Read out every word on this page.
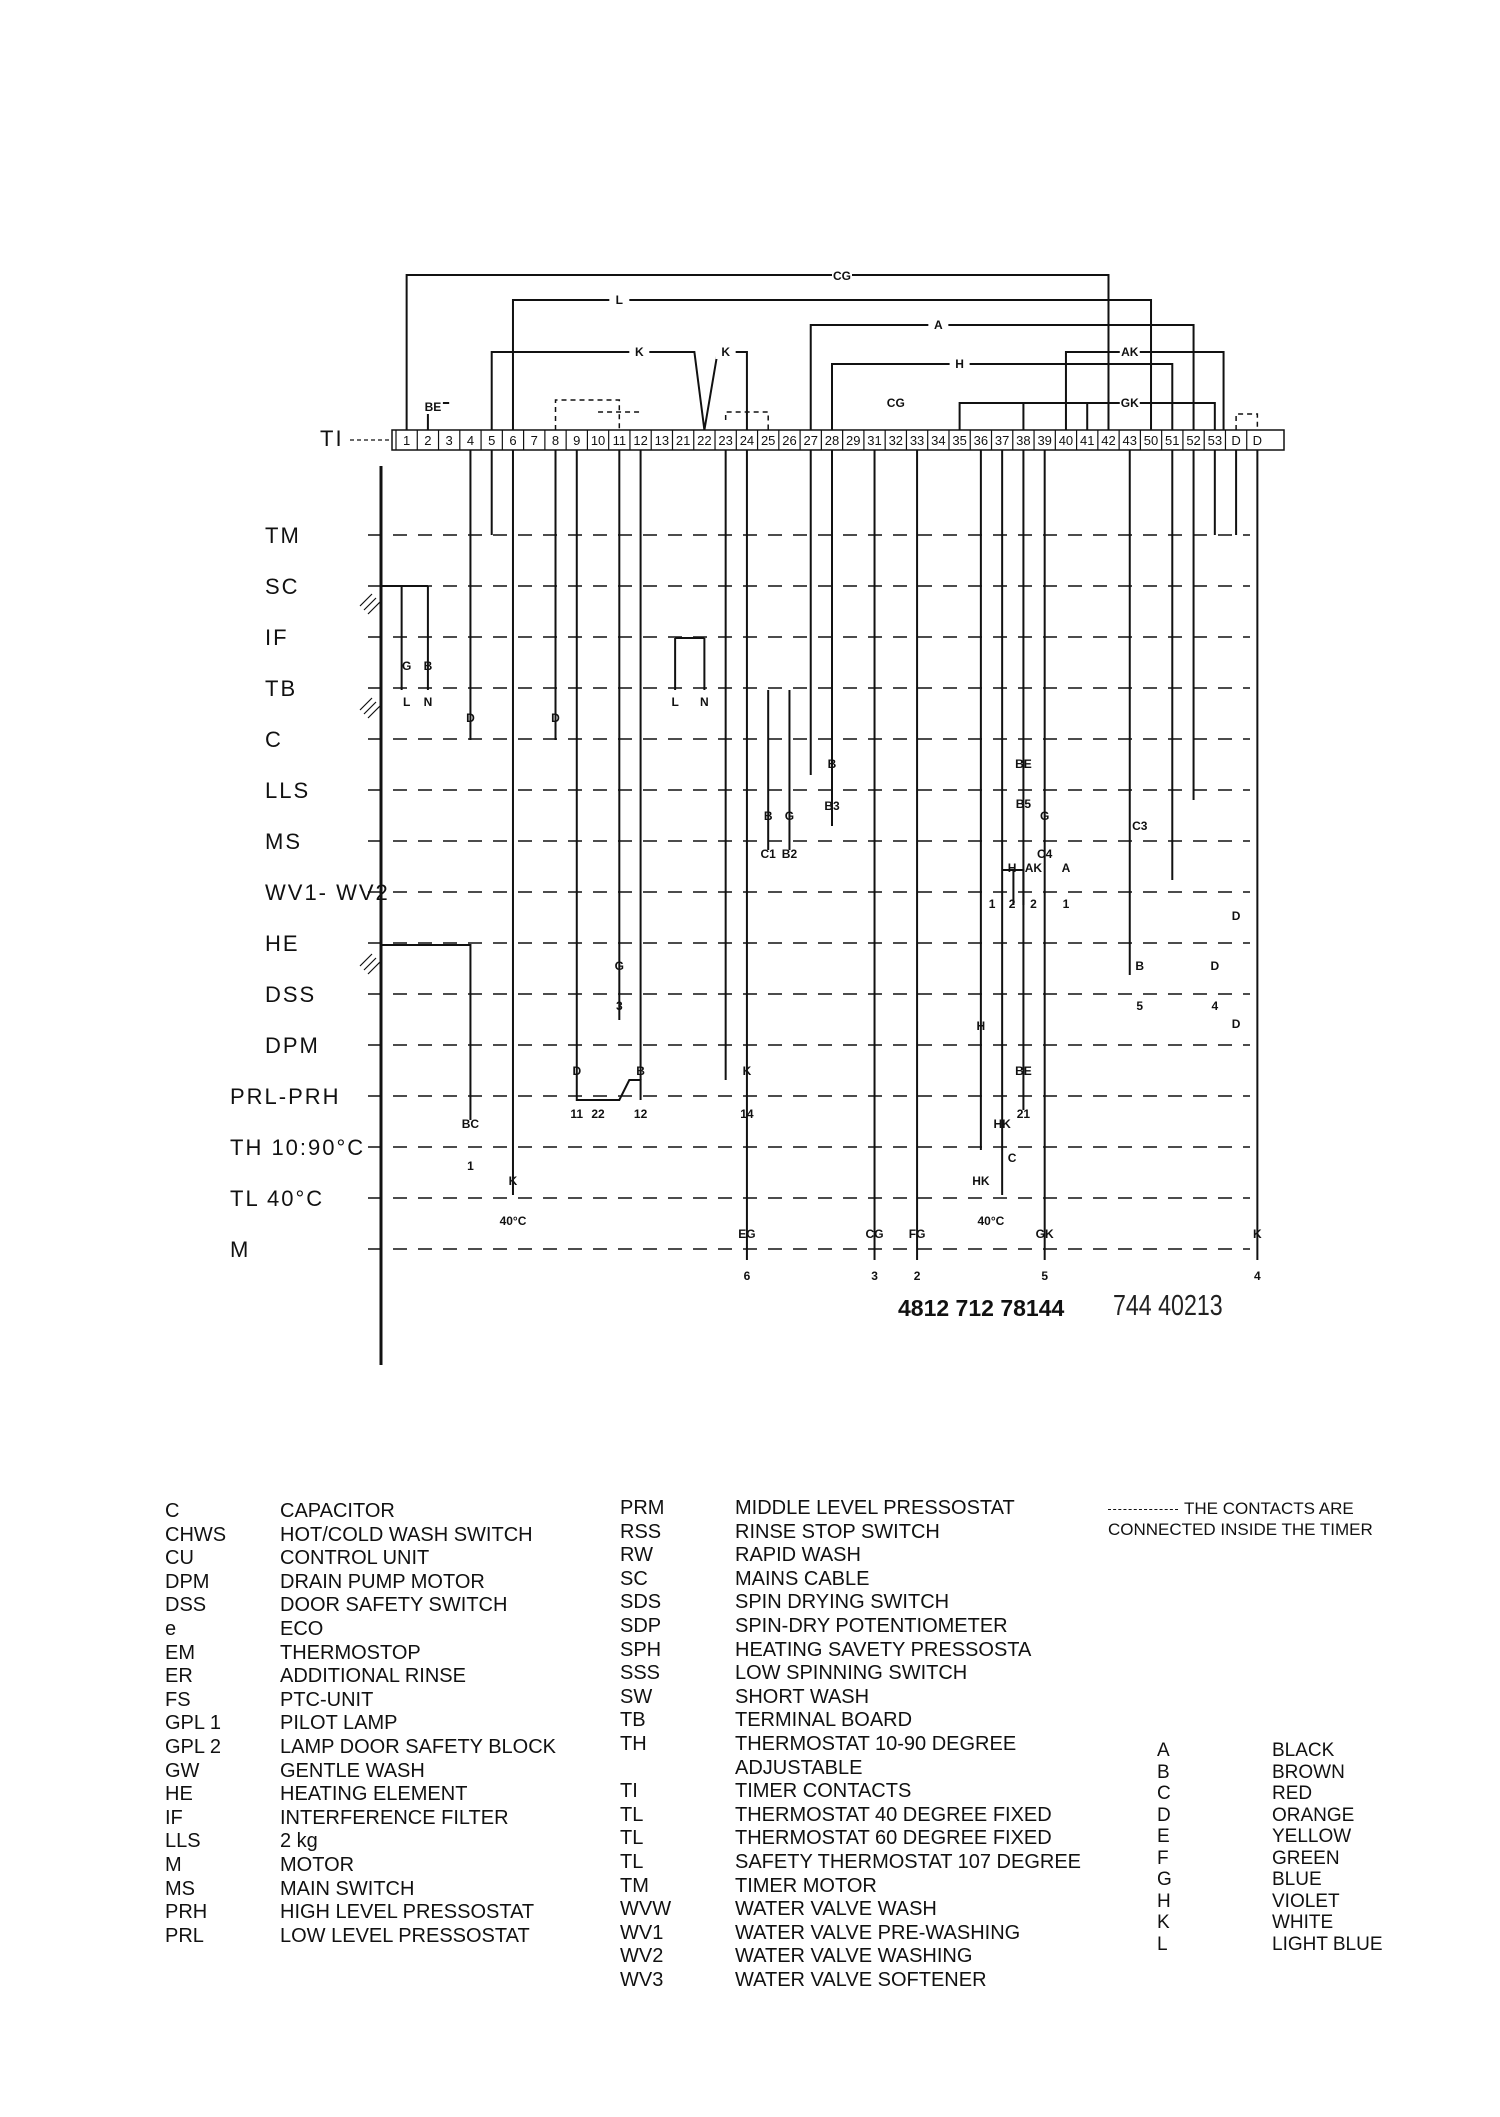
TM
SC
IF
TB
C
LLS
MS
WV1- WV2
HE
DSS
DPM
PRL-PRH
TH 10:90°C
TL 40°C
M
TI	1 2 3 4 5 6 7 8 9 10 11 12 13 21 22 23 24 25 26 27 28 29 31 32 33 34 35 36 37 38 39 40 41 42 43 50 51 52 53 D D
CG
L
K	K
A
H
AK
CG	GK
BE
G B
L N
D	D
L N
B
B3
B G
C1 B2
BE
B5
G
C4
C3
AK
2
A
1
H
1 2
G
3
D
H
D
4
B
D
D
5
B
11 22 12
K
14
BE
21
BC
1
HK
C
HK
K
40°C	40°C
EG
6
CG
3
FG
2
GK
5
K
4
4812 712 78144 744 40213
C	CAPACITOR
CHWS	HOT/COLD WASH SWITCH
CU	CONTROL UNIT
DPM	DRAIN PUMP MOTOR
DSS	DOOR SAFETY SWITCH
e	ECO
EM	THERMOSTOP
ER	ADDITIONAL RINSE
FS	PTC-UNIT
GPL 1	PILOT LAMP
GPL 2	LAMP DOOR SAFETY BLOCK
GW	GENTLE WASH
HE	HEATING ELEMENT
IF	INTERFERENCE FILTER
LLS	2 kg
M	MOTOR
MS	MAIN SWITCH
PRH	HIGH LEVEL PRESSOSTAT
PRL	LOW LEVEL PRESSOSTAT
PRM	MIDDLE LEVEL PRESSOSTAT
RSS	RINSE STOP SWITCH
RW	RAPID WASH
SC	MAINS CABLE
SDS	SPIN DRYING SWITCH
SDP	SPIN-DRY POTENTIOMETER
SPH	HEATING SAVETY PRESSOSTA
SSS	LOW SPINNING SWITCH
SW	SHORT WASH
TB	TERMINAL BOARD
TH	THERMOSTAT 10-90 DEGREE
ADJUSTABLE
TI	TIMER CONTACTS
TL	THERMOSTAT 40 DEGREE FIXED
TL	THERMOSTAT 60 DEGREE FIXED
TL	SAFETY THERMOSTAT 107 DEGREE
TM	TIMER MOTOR
WVW	WATER VALVE WASH
WV1	WATER VALVE PRE-WASHING
WV2	WATER VALVE WASHING
WV3	WATER VALVE SOFTENER
THE CONTACTS ARE
CONNECTED INSIDE THE TIMER
A	BLACK
B	BROWN
C	RED
D	ORANGE
E	YELLOW
F	GREEN
G	BLUE
H	VIOLET
K	WHITE
L	LIGHT BLUE
